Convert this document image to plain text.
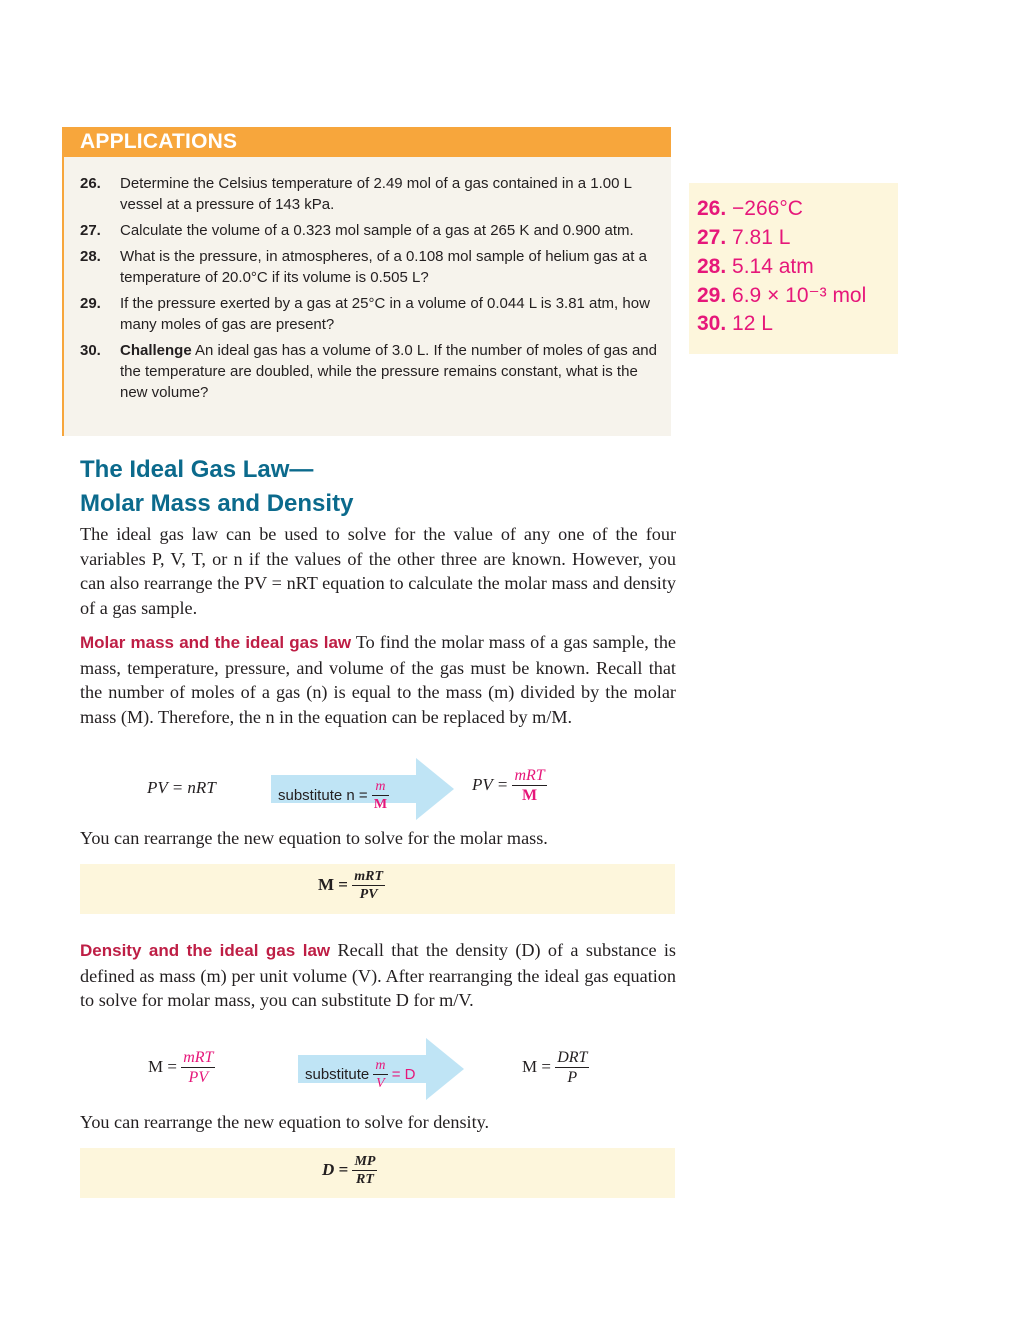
APPLICATIONS
26. Determine the Celsius temperature of 2.49 mol of a gas contained in a 1.00 L vessel at a pressure of 143 kPa.
27. Calculate the volume of a 0.323 mol sample of a gas at 265 K and 0.900 atm.
28. What is the pressure, in atmospheres, of a 0.108 mol sample of helium gas at a temperature of 20.0°C if its volume is 0.505 L?
29. If the pressure exerted by a gas at 25°C in a volume of 0.044 L is 3.81 atm, how many moles of gas are present?
30. Challenge An ideal gas has a volume of 3.0 L. If the number of moles of gas and the temperature are doubled, while the pressure remains constant, what is the new volume?
26. −266°C
27. 7.81 L
28. 5.14 atm
29. 6.9 × 10⁻³ mol
30. 12 L
The Ideal Gas Law—
Molar Mass and Density
The ideal gas law can be used to solve for the value of any one of the four variables P, V, T, or n if the values of the other three are known. However, you can also rearrange the PV = nRT equation to calculate the molar mass and density of a gas sample.
Molar mass and the ideal gas law To find the molar mass of a gas sample, the mass, temperature, pressure, and volume of the gas must be known. Recall that the number of moles of a gas (n) is equal to the mass (m) divided by the molar mass (M). Therefore, the n in the equation can be replaced by m/M.
PV = nRT	substitute $n = \frac{m}{M}$	PV = $\frac{\text{mRT}}{M}$
You can rearrange the new equation to solve for the molar mass.
$M = \frac{\text{mRT}}{PV}$
Density and the ideal gas law Recall that the density (D) of a substance is defined as mass (m) per unit volume (V). After rearranging the ideal gas equation to solve for molar mass, you can substitute D for m/V.
$M = \frac{\text{mRT}}{PV}$	substitute $\frac{m}{V} = D$	$M = \frac{\text{DRT}}{P}$
You can rearrange the new equation to solve for density.
$D = \frac{MP}{RT}$
